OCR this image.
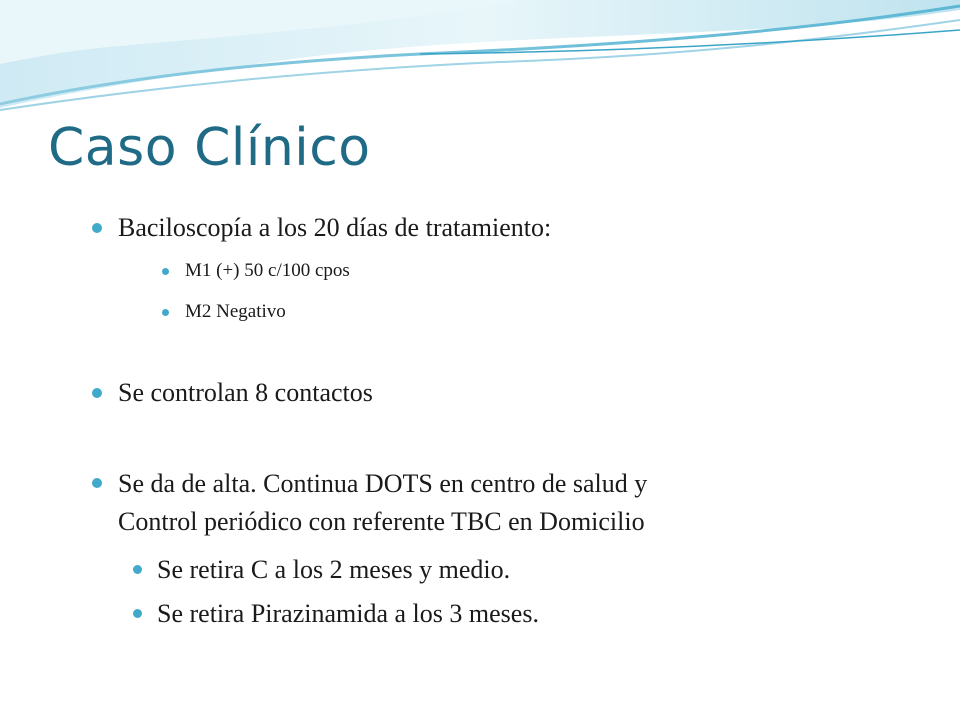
Caso Clínico
Baciloscopía a los 20 días de tratamiento:
M1 (+) 50 c/100 cpos
M2 Negativo
Se controlan 8 contactos
Se da de alta. Continua DOTS en centro de salud y
Control periódico con referente TBC en Domicilio
Se retira C a los 2 meses y medio.
Se retira Pirazinamida a los 3 meses.
